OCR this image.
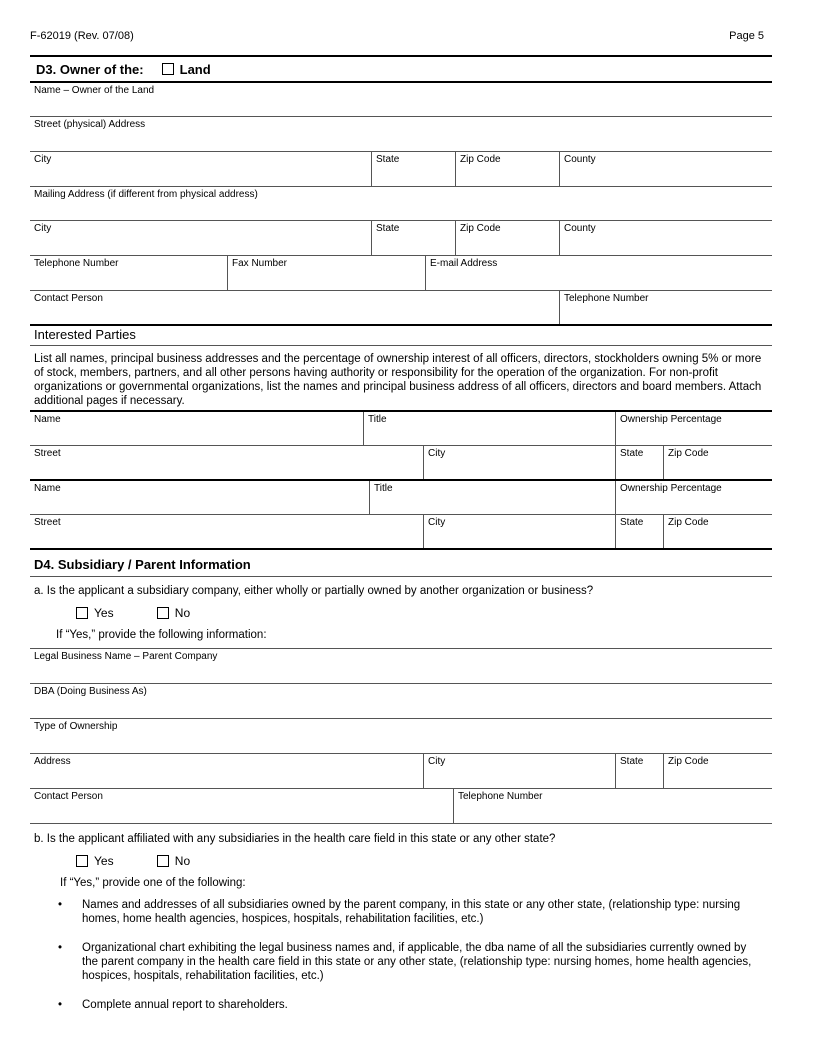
F-62019 (Rev. 07/08)	Page 5
D3. Owner of the:	Land
Name – Owner of the Land
Street (physical) Address
City	State	Zip Code	County
Mailing Address (if different from physical address)
City	State	Zip Code	County
Telephone Number	Fax Number	E-mail Address
Contact Person	Telephone Number
Interested Parties
List all names, principal business addresses and the percentage of ownership interest of all officers, directors, stockholders owning 5% or more of stock, members, partners, and all other persons having authority or responsibility for the operation of the organization. For non-profit organizations or governmental organizations, list the names and principal business address of all officers, directors and board members. Attach additional pages if necessary.
Name	Title	Ownership Percentage
Street	City	State	Zip Code
Name	Title	Ownership Percentage
Street	City	State	Zip Code
D4. Subsidiary / Parent Information
a. Is the applicant a subsidiary company, either wholly or partially owned by another organization or business?
Yes
	No
If “Yes,” provide the following information:
Legal Business Name – Parent Company
DBA (Doing Business As)
Type of Ownership
Address	City	State	Zip Code
Contact Person	Telephone Number
b. Is the applicant affiliated with any subsidiaries in the health care field in this state or any other state?
Yes
	No
If “Yes,” provide one of the following:
•	Names and addresses of all subsidiaries owned by the parent company, in this state or any other state, (relationship type: nursing homes, home health agencies, hospices, hospitals, rehabilitation facilities, etc.)
•	Organizational chart exhibiting the legal business names and, if applicable, the dba name of all the subsidiaries currently owned by the parent company in the health care field in this state or any other state, (relationship type: nursing homes, home health agencies, hospices, hospitals, rehabilitation facilities, etc.)
•	Complete annual report to shareholders.
